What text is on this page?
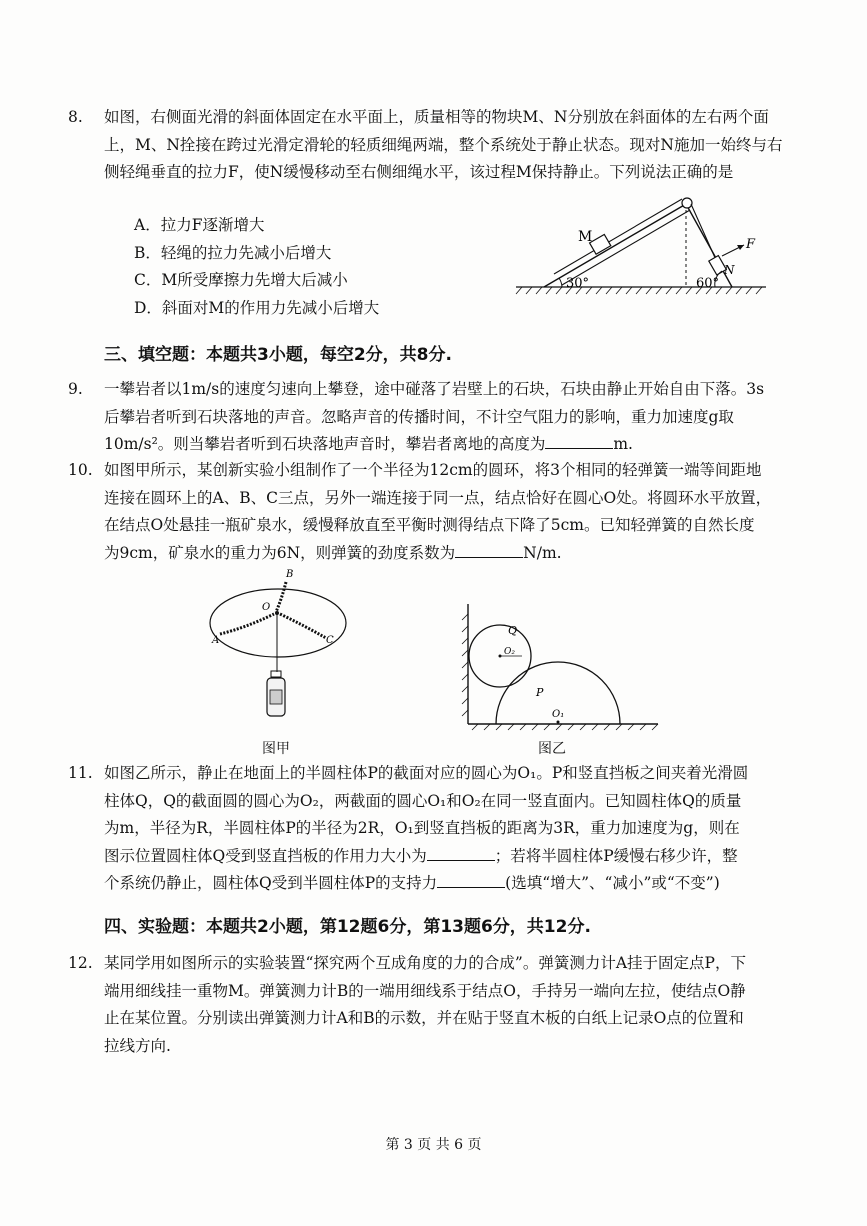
8. 如图，右侧面光滑的斜面体固定在水平面上，质量相等的物块M、N分别放在斜面体的左右两个面上，M、N拴接在跨过光滑定滑轮的轻质细绳两端，整个系统处于静止状态。现对N施加一始终与右侧轻绳垂直的拉力F，使N缓慢移动至右侧细绳水平，该过程M保持静止。下列说法正确的是
A．拉力F逐渐增大
B．轻绳的拉力先减小后增大
C．M所受摩擦力先增大后减小
D．斜面对M的作用力先减小后增大
M	F
N
30°	60°
三、填空题：本题共3小题，每空2分，共8分.
9. 一攀岩者以1m/s的速度匀速向上攀登，途中碰落了岩壁上的石块，石块由静止开始自由下落。3s
后攀岩者听到石块落地的声音。忽略声音的传播时间，不计空气阻力的影响，重力加速度g取
10m/s²。则当攀岩者听到石块落地声音时，攀岩者离地的高度为	m.
10. 如图甲所示，某创新实验小组制作了一个半径为12cm的圆环，将3个相同的轻弹簧一端等间距地
连接在圆环上的A、B、C三点，另外一端连接于同一点，结点恰好在圆心O处。将圆环水平放置，
在结点O处悬挂一瓶矿泉水，缓慢释放直至平衡时测得结点下降了5cm。已知轻弹簧的自然长度
为9cm，矿泉水的重力为6N，则弹簧的劲度系数为	N/m.
B
O
A	C
图甲
Q
O₂
P
O₁
图乙
11. 如图乙所示，静止在地面上的半圆柱体P的截面对应的圆心为O₁。P和竖直挡板之间夹着光滑圆
柱体Q，Q的截面圆的圆心为O₂，两截面的圆心O₁和O₂在同一竖直面内。已知圆柱体Q的质量
为m，半径为R，半圆柱体P的半径为2R，O₁到竖直挡板的距离为3R，重力加速度为g，则在
图示位置圆柱体Q受到竖直挡板的作用力大小为	；若将半圆柱体P缓慢右移少许，整
个系统仍静止，圆柱体Q受到半圆柱体P的支持力	(选填“增大”、“减小”或“不变”)
四、实验题：本题共2小题，第12题6分，第13题6分，共12分.
12. 某同学用如图所示的实验装置“探究两个互成角度的力的合成”。弹簧测力计A挂于固定点P，下
端用细线挂一重物M。弹簧测力计B的一端用细线系于结点O，手持另一端向左拉，使结点O静
止在某位置。分别读出弹簧测力计A和B的示数，并在贴于竖直木板的白纸上记录O点的位置和
拉线方向.
第 3 页 共 6 页
